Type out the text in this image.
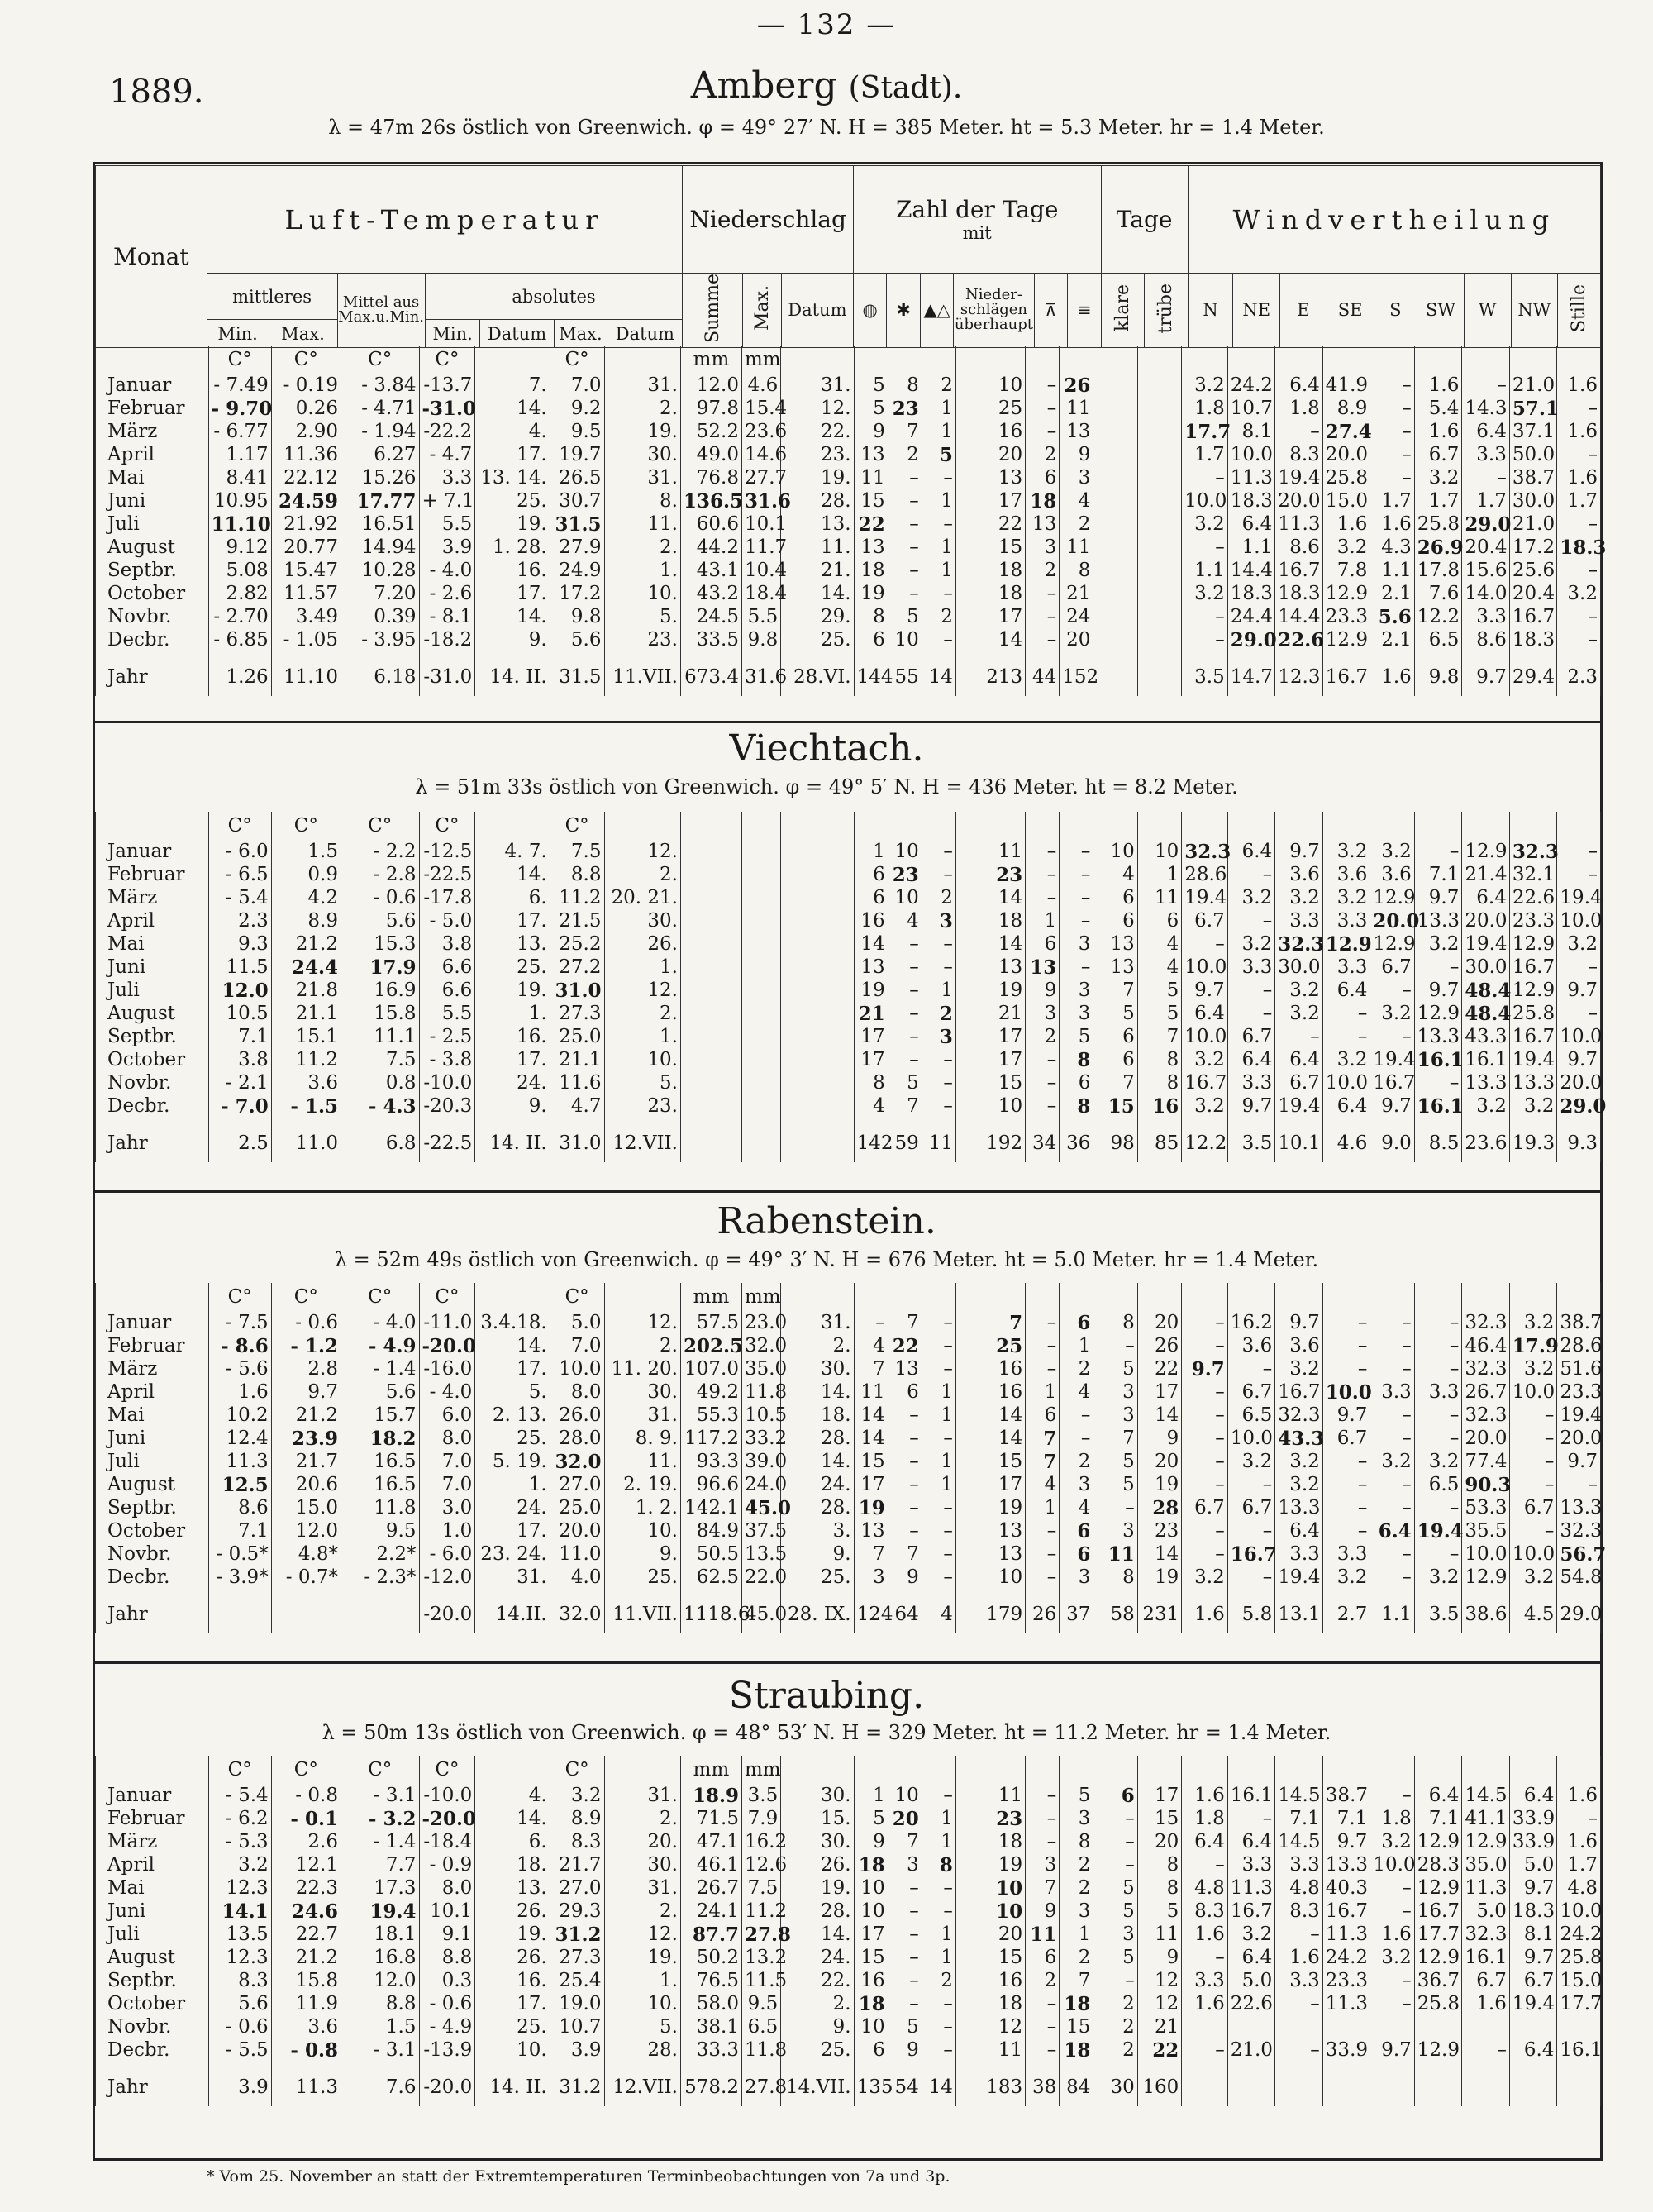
— 132 —
1889.	Amberg (Stadt).
λ = 47m 26s östlich von Greenwich. φ = 49° 27′ N. H = 385 Meter. ht = 5.3 Meter. hr = 1.4 Meter.
Viechtach.
λ = 51m 33s östlich von Greenwich. φ = 49° 5′ N. H = 436 Meter. ht = 8.2 Meter.
Rabenstein.
λ = 52m 49s östlich von Greenwich. φ = 49° 3′ N. H = 676 Meter. ht = 5.0 Meter. hr = 1.4 Meter.
Straubing.
λ = 50m 13s östlich von Greenwich. φ = 48° 53′ N. H = 329 Meter. ht = 11.2 Meter. hr = 1.4 Meter.
Monat	Luft-Temperatur							Niederschlag			Zahl der Tage
mit						Tage		Windvertheilung								
	mittleres		Mittel aus Max.u.Min.	absolutes				Summe	Max.	Datum	◍	✱	▲△	Nieder-schlägen überhaupt	⊼	≡	klare	trübe	N	NE	E	SE	S	SW	W	NW	Stille
	Min.	Max.		Min.	Datum	Max.	Datum																				
	C°	C°	C°	C°		C°		mm	mm																		
Januar	- 7.49	- 0.19	- 3.84	-13.7	7.	7.0	31.	12.0	4.6	31.	5	8	2	10	–	26			3.2	24.2	6.4	41.9	–	1.6	–	21.0	1.6
Februar	- 9.70	0.26	- 4.71	-31.0	14.	9.2	2.	97.8	15.4	12.	5	23	1	25	–	11			1.8	10.7	1.8	8.9	–	5.4	14.3	57.1	–
März	- 6.77	2.90	- 1.94	-22.2	4.	9.5	19.	52.2	23.6	22.	9	7	1	16	–	13			17.7	8.1	–	27.4	–	1.6	6.4	37.1	1.6
April	1.17	11.36	6.27	- 4.7	17.	19.7	30.	49.0	14.6	23.	13	2	5	20	2	9			1.7	10.0	8.3	20.0	–	6.7	3.3	50.0	–
Mai	8.41	22.12	15.26	3.3	13. 14.	26.5	31.	76.8	27.7	19.	11	–	–	13	6	3			–	11.3	19.4	25.8	–	3.2	–	38.7	1.6
Juni	10.95	24.59	17.77	+ 7.1	25.	30.7	8.	136.5	31.6	28.	15	–	1	17	18	4			10.0	18.3	20.0	15.0	1.7	1.7	1.7	30.0	1.7
Juli	11.10	21.92	16.51	5.5	19.	31.5	11.	60.6	10.1	13.	22	–	–	22	13	2			3.2	6.4	11.3	1.6	1.6	25.8	29.0	21.0	–
August	9.12	20.77	14.94	3.9	1. 28.	27.9	2.	44.2	11.7	11.	13	–	1	15	3	11			–	1.1	8.6	3.2	4.3	26.9	20.4	17.2	18.3
Septbr.	5.08	15.47	10.28	- 4.0	16.	24.9	1.	43.1	10.4	21.	18	–	1	18	2	8			1.1	14.4	16.7	7.8	1.1	17.8	15.6	25.6	–
October	2.82	11.57	7.20	- 2.6	17.	17.2	10.	43.2	18.4	14.	19	–	–	18	–	21			3.2	18.3	18.3	12.9	2.1	7.6	14.0	20.4	3.2
Novbr.	- 2.70	3.49	0.39	- 8.1	14.	9.8	5.	24.5	5.5	29.	8	5	2	17	–	24			–	24.4	14.4	23.3	5.6	12.2	3.3	16.7	–
Decbr.	- 6.85	- 1.05	- 3.95	-18.2	9.	5.6	23.	33.5	9.8	25.	6	10	–	14	–	20			–	29.0	22.6	12.9	2.1	6.5	8.6	18.3	–

Jahr	1.26	11.10	6.18	-31.0	14. II.	31.5	11.VII.	673.4	31.6	28.VI.	144	55	14	213	44	152			3.5	14.7	12.3	16.7	1.6	9.8	9.7	29.4	2.3
	C°	C°	C°	C°		C°																					
Januar	- 6.0	1.5	- 2.2	-12.5	4. 7.	7.5	12.				1	10	–	11	–	–	10	10	32.3	6.4	9.7	3.2	3.2	–	12.9	32.3	–
Februar	- 6.5	0.9	- 2.8	-22.5	14.	8.8	2.				6	23	–	23	–	–	4	1	28.6	–	3.6	3.6	3.6	7.1	21.4	32.1	–
März	- 5.4	4.2	- 0.6	-17.8	6.	11.2	20. 21.				6	10	2	14	–	–	6	11	19.4	3.2	3.2	3.2	12.9	9.7	6.4	22.6	19.4
April	2.3	8.9	5.6	- 5.0	17.	21.5	30.				16	4	3	18	1	–	6	6	6.7	–	3.3	3.3	20.0	13.3	20.0	23.3	10.0
Mai	9.3	21.2	15.3	3.8	13.	25.2	26.				14	–	–	14	6	3	13	4	–	3.2	32.3	12.9	12.9	3.2	19.4	12.9	3.2
Juni	11.5	24.4	17.9	6.6	25.	27.2	1.				13	–	–	13	13	–	13	4	10.0	3.3	30.0	3.3	6.7	–	30.0	16.7	–
Juli	12.0	21.8	16.9	6.6	19.	31.0	12.				19	–	1	19	9	3	7	5	9.7	–	3.2	6.4	–	9.7	48.4	12.9	9.7
August	10.5	21.1	15.8	5.5	1.	27.3	2.				21	–	2	21	3	3	5	5	6.4	–	3.2	–	3.2	12.9	48.4	25.8	–
Septbr.	7.1	15.1	11.1	- 2.5	16.	25.0	1.				17	–	3	17	2	5	6	7	10.0	6.7	–	–	–	13.3	43.3	16.7	10.0
October	3.8	11.2	7.5	- 3.8	17.	21.1	10.				17	–	–	17	–	8	6	8	3.2	6.4	6.4	3.2	19.4	16.1	16.1	19.4	9.7
Novbr.	- 2.1	3.6	0.8	-10.0	24.	11.6	5.				8	5	–	15	–	6	7	8	16.7	3.3	6.7	10.0	16.7	–	13.3	13.3	20.0
Decbr.	- 7.0	- 1.5	- 4.3	-20.3	9.	4.7	23.				4	7	–	10	–	8	15	16	3.2	9.7	19.4	6.4	9.7	16.1	3.2	3.2	29.0

Jahr	2.5	11.0	6.8	-22.5	14. II.	31.0	12.VII.				142	59	11	192	34	36	98	85	12.2	3.5	10.1	4.6	9.0	8.5	23.6	19.3	9.3
	C°	C°	C°	C°		C°		mm	mm																		
Januar	- 7.5	- 0.6	- 4.0	-11.0	3.4.18.	5.0	12.	57.5	23.0	31.	–	7	–	7	–	6	8	20	–	16.2	9.7	–	–	–	32.3	3.2	38.7
Februar	- 8.6	- 1.2	- 4.9	-20.0	14.	7.0	2.	202.5	32.0	2.	4	22	–	25	–	1	–	26	–	3.6	3.6	–	–	–	46.4	17.9	28.6
März	- 5.6	2.8	- 1.4	-16.0	17.	10.0	11. 20.	107.0	35.0	30.	7	13	–	16	–	2	5	22	9.7	–	3.2	–	–	–	32.3	3.2	51.6
April	1.6	9.7	5.6	- 4.0	5.	8.0	30.	49.2	11.8	14.	11	6	1	16	1	4	3	17	–	6.7	16.7	10.0	3.3	3.3	26.7	10.0	23.3
Mai	10.2	21.2	15.7	6.0	2. 13.	26.0	31.	55.3	10.5	18.	14	–	1	14	6	–	3	14	–	6.5	32.3	9.7	–	–	32.3	–	19.4
Juni	12.4	23.9	18.2	8.0	25.	28.0	8. 9.	117.2	33.2	28.	14	–	–	14	7	–	7	9	–	10.0	43.3	6.7	–	–	20.0	–	20.0
Juli	11.3	21.7	16.5	7.0	5. 19.	32.0	11.	93.3	39.0	14.	15	–	1	15	7	2	5	20	–	3.2	3.2	–	3.2	3.2	77.4	–	9.7
August	12.5	20.6	16.5	7.0	1.	27.0	2. 19.	96.6	24.0	24.	17	–	1	17	4	3	5	19	–	–	3.2	–	–	6.5	90.3	–	–
Septbr.	8.6	15.0	11.8	3.0	24.	25.0	1. 2.	142.1	45.0	28.	19	–	–	19	1	4	–	28	6.7	6.7	13.3	–	–	–	53.3	6.7	13.3
October	7.1	12.0	9.5	1.0	17.	20.0	10.	84.9	37.5	3.	13	–	–	13	–	6	3	23	–	–	6.4	–	6.4	19.4	35.5	–	32.3
Novbr.	- 0.5*	4.8*	2.2*	- 6.0	23. 24.	11.0	9.	50.5	13.5	9.	7	7	–	13	–	6	11	14	–	16.7	3.3	3.3	–	–	10.0	10.0	56.7
Decbr.	- 3.9*	- 0.7*	- 2.3*	-12.0	31.	4.0	25.	62.5	22.0	25.	3	9	–	10	–	3	8	19	3.2	–	19.4	3.2	–	3.2	12.9	3.2	54.8

Jahr				-20.0	14.II.	32.0	11.VII.	1118.6	45.0	28. IX.	124	64	4	179	26	37	58	231	1.6	5.8	13.1	2.7	1.1	3.5	38.6	4.5	29.0
	C°	C°	C°	C°		C°		mm	mm																		
Januar	- 5.4	- 0.8	- 3.1	-10.0	4.	3.2	31.	18.9	3.5	30.	1	10	–	11	–	5	6	17	1.6	16.1	14.5	38.7	–	6.4	14.5	6.4	1.6
Februar	- 6.2	- 0.1	- 3.2	-20.0	14.	8.9	2.	71.5	7.9	15.	5	20	1	23	–	3	–	15	1.8	–	7.1	7.1	1.8	7.1	41.1	33.9	–
März	- 5.3	2.6	- 1.4	-18.4	6.	8.3	20.	47.1	16.2	30.	9	7	1	18	–	8	–	20	6.4	6.4	14.5	9.7	3.2	12.9	12.9	33.9	1.6
April	3.2	12.1	7.7	- 0.9	18.	21.7	30.	46.1	12.6	26.	18	3	8	19	3	2	–	8	–	3.3	3.3	13.3	10.0	28.3	35.0	5.0	1.7
Mai	12.3	22.3	17.3	8.0	13.	27.0	31.	26.7	7.5	19.	10	–	–	10	7	2	5	8	4.8	11.3	4.8	40.3	–	12.9	11.3	9.7	4.8
Juni	14.1	24.6	19.4	10.1	26.	29.3	2.	24.1	11.2	28.	10	–	–	10	9	3	5	5	8.3	16.7	8.3	16.7	–	16.7	5.0	18.3	10.0
Juli	13.5	22.7	18.1	9.1	19.	31.2	12.	87.7	27.8	14.	17	–	1	20	11	1	3	11	1.6	3.2	–	11.3	1.6	17.7	32.3	8.1	24.2
August	12.3	21.2	16.8	8.8	26.	27.3	19.	50.2	13.2	24.	15	–	1	15	6	2	5	9	–	6.4	1.6	24.2	3.2	12.9	16.1	9.7	25.8
Septbr.	8.3	15.8	12.0	0.3	16.	25.4	1.	76.5	11.5	22.	16	–	2	16	2	7	–	12	3.3	5.0	3.3	23.3	–	36.7	6.7	6.7	15.0
October	5.6	11.9	8.8	- 0.6	17.	19.0	10.	58.0	9.5	2.	18	–	–	18	–	18	2	12	1.6	22.6	–	11.3	–	25.8	1.6	19.4	17.7
Novbr.	- 0.6	3.6	1.5	- 4.9	25.	10.7	5.	38.1	6.5	9.	10	5	–	12	–	15	2	21									
Decbr.	- 5.5	- 0.8	- 3.1	-13.9	10.	3.9	28.	33.3	11.8	25.	6	9	–	11	–	18	2	22	–	21.0	–	33.9	9.7	12.9	–	6.4	16.1

Jahr	3.9	11.3	7.6	-20.0	14. II.	31.2	12.VII.	578.2	27.8	14.VII.	135	54	14	183	38	84	30	160									
* Vom 25. November an statt der Extremtemperaturen Terminbeobachtungen von 7a und 3p.
